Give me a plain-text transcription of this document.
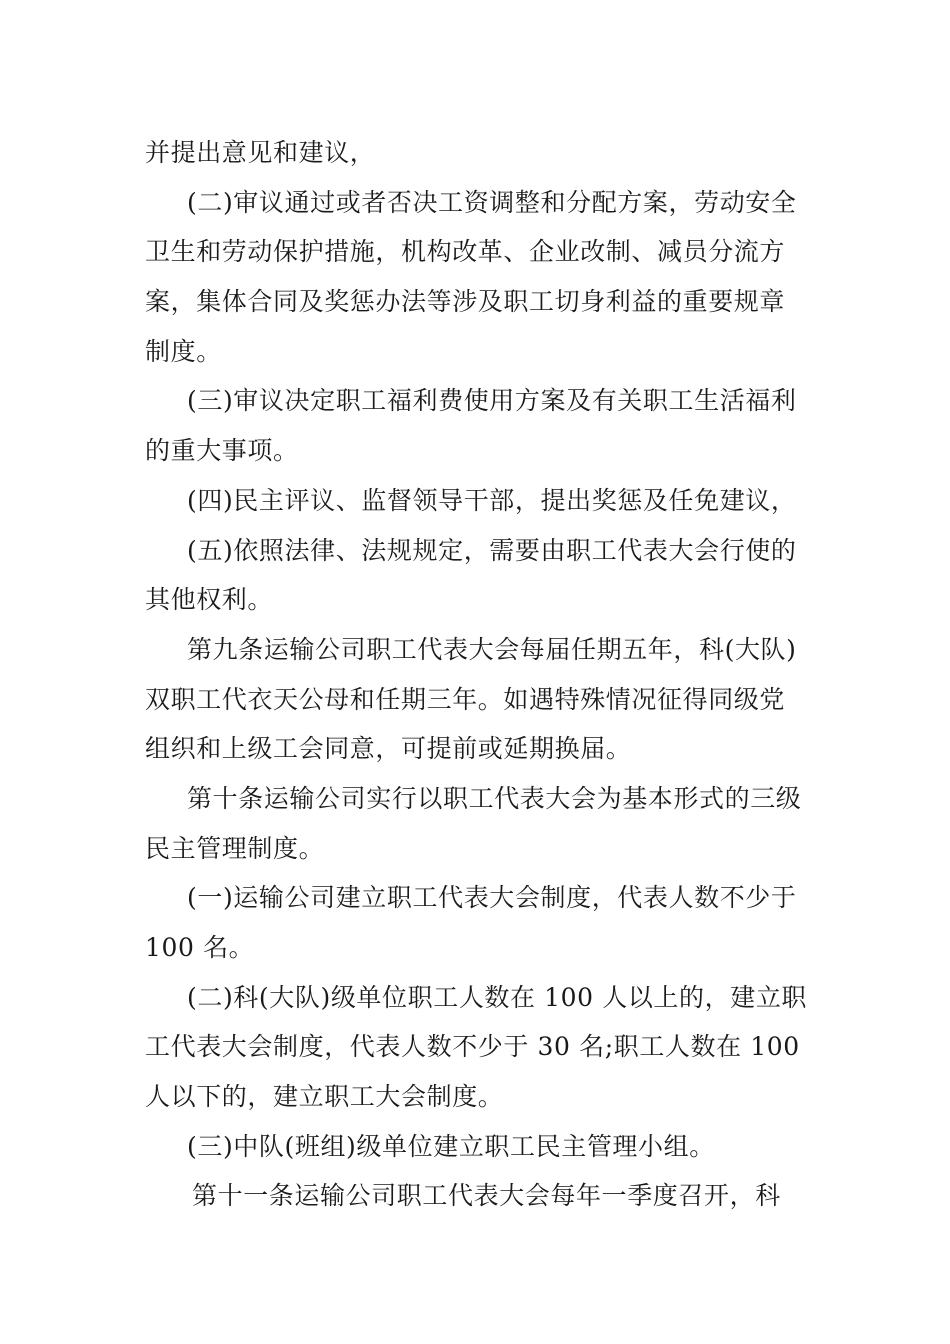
并提出意见和建议，
(二)审议通过或者否决工资调整和分配方案，劳动安全
卫生和劳动保护措施，机构改革、企业改制、减员分流方
案，集体合同及奖惩办法等涉及职工切身利益的重要规章
制度。
(三)审议决定职工福利费使用方案及有关职工生活福利
的重大事项。
(四)民主评议、监督领导干部，提出奖惩及任免建议，
(五)依照法律、法规规定，需要由职工代表大会行使的
其他权利。
第九条运输公司职工代表大会每届任期五年，科(大队)
双职工代衣天公母和任期三年。如遇特殊情况征得同级党
组织和上级工会同意，可提前或延期换届。
第十条运输公司实行以职工代表大会为基本形式的三级
民主管理制度。
(一)运输公司建立职工代表大会制度，代表人数不少于
100 名。
(二)科(大队)级单位职工人数在 100 人以上的，建立职
工代表大会制度，代表人数不少于 30 名;职工人数在 100
人以下的，建立职工大会制度。
(三)中队(班组)级单位建立职工民主管理小组。
第十一条运输公司职工代表大会每年一季度召开，科
